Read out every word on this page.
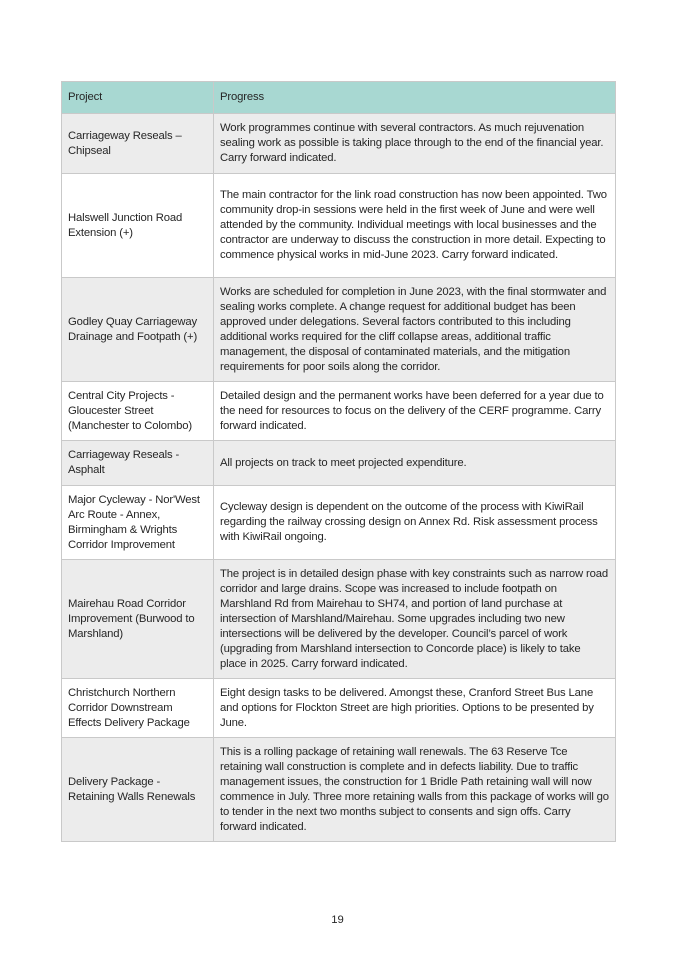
Project	Progress
Carriageway Reseals – Chipseal	Work programmes continue with several contractors. As much rejuvenation sealing work as possible is taking place through to the end of the financial year. Carry forward indicated.
Halswell Junction Road Extension (+)	The main contractor for the link road construction has now been appointed. Two community drop-in sessions were held in the first week of June and were well attended by the community. Individual meetings with local businesses and the contractor are underway to discuss the construction in more detail. Expecting to commence physical works in mid-June 2023. Carry forward indicated.
Godley Quay Carriageway Drainage and Footpath (+)	Works are scheduled for completion in June 2023, with the final stormwater and sealing works complete. A change request for additional budget has been approved under delegations. Several factors contributed to this including additional works required for the cliff collapse areas, additional traffic management, the disposal of contaminated materials, and the mitigation requirements for poor soils along the corridor.
Central City Projects - Gloucester Street (Manchester to Colombo)	Detailed design and the permanent works have been deferred for a year due to the need for resources to focus on the delivery of the CERF programme. Carry forward indicated.
Carriageway Reseals - Asphalt	All projects on track to meet projected expenditure.
Major Cycleway - Nor'West Arc Route - Annex, Birmingham & Wrights Corridor Improvement	Cycleway design is dependent on the outcome of the process with KiwiRail regarding the railway crossing design on Annex Rd. Risk assessment process with KiwiRail ongoing.
Mairehau Road Corridor Improvement (Burwood to Marshland)	The project is in detailed design phase with key constraints such as narrow road corridor and large drains. Scope was increased to include footpath on Marshland Rd from Mairehau to SH74, and portion of land purchase at intersection of Marshland/Mairehau. Some upgrades including two new intersections will be delivered by the developer. Council’s parcel of work (upgrading from Marshland intersection to Concorde place) is likely to take place in 2025. Carry forward indicated.
Christchurch Northern Corridor Downstream Effects Delivery Package	Eight design tasks to be delivered. Amongst these, Cranford Street Bus Lane and options for Flockton Street are high priorities. Options to be presented by June.
Delivery Package - Retaining Walls Renewals	This is a rolling package of retaining wall renewals. The 63 Reserve Tce retaining wall construction is complete and in defects liability. Due to traffic management issues, the construction for 1 Bridle Path retaining wall will now commence in July. Three more retaining walls from this package of works will go to tender in the next two months subject to consents and sign offs. Carry forward indicated.
19
